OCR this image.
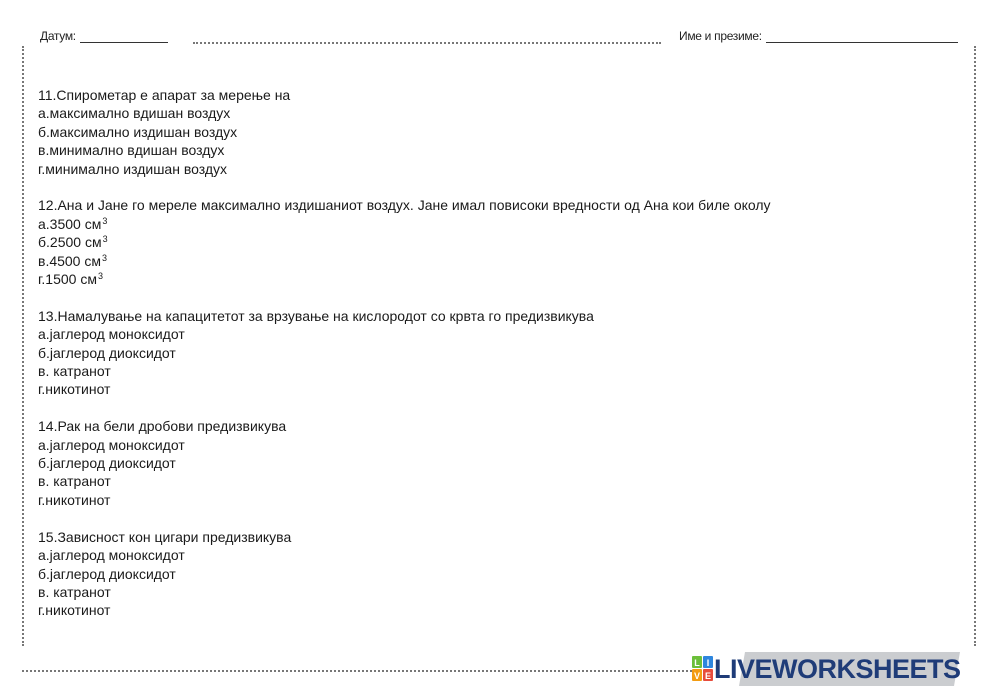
Датум:	Име и презиме:
11.Спирометар е апарат за мерење на
а.максимално вдишан воздух
б.максимално издишан воздух
в.минимално вдишан воздух
г.минимално издишан воздух
12.Ана и Јане го мереле максимално издишаниот воздух. Јане имал повисоки вредности од Ана кои биле околу
а.3500 $см^3$
б.2500 $см^3$
в.4500 $см^3$
г.1500 $см^3$
13.Намалување на капацитетот за врзување на кислородот со крвта го предизвикува
а.јаглерод моноксидот
б.јаглерод диоксидот
в. катранот
г.никотинот
14.Рак на бели дробови предизвикува
а.јаглерод моноксидот
б.јаглерод диоксидот
в. катранот
г.никотинот
15.Зависност кон цигари предизвикува
а.јаглерод моноксидот
б.јаглерод диоксидот
в. катранот
г.никотинот
L I
V E LIVEWORKSHEETS
